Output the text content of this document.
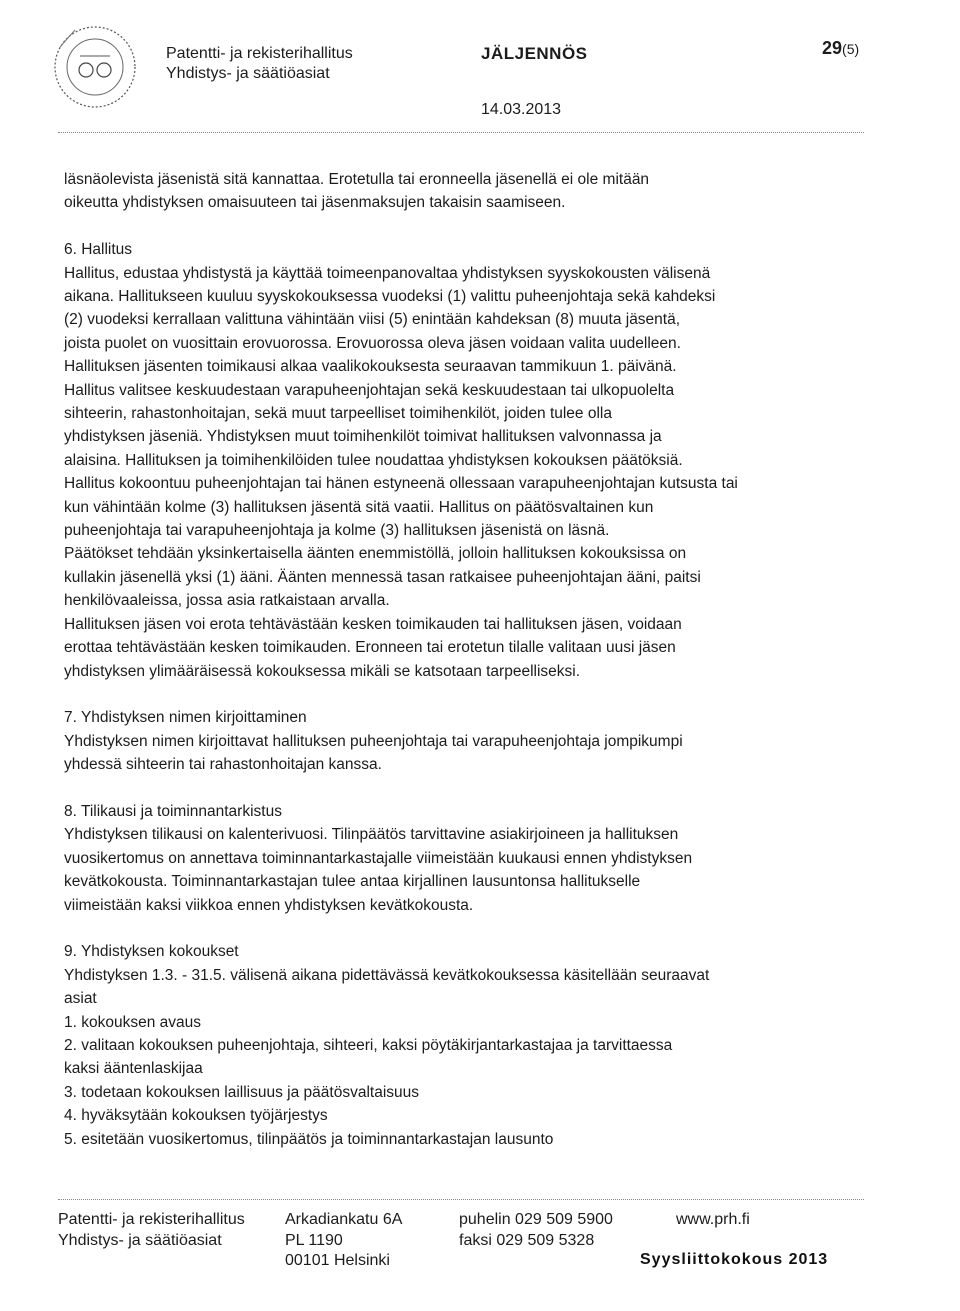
Patentti- ja rekisterihallitus
Yhdistys- ja säätiöasiat
JÄLJENNÖS	29(5)
14.03.2013

läsnäolevista jäsenistä sitä kannattaa. Erotetulla tai eronneella jäsenellä ei ole mitään

oikeutta yhdistyksen omaisuuteen tai jäsenmaksujen takaisin saamiseen.

6. Hallitus

Hallitus, edustaa yhdistystä ja käyttää toimeenpanovaltaa yhdistyksen syyskokousten välisenä

aikana. Hallitukseen kuuluu syyskokouksessa vuodeksi (1) valittu puheenjohtaja sekä kahdeksi

(2) vuodeksi kerrallaan valittuna vähintään viisi (5) enintään kahdeksan (8) muuta jäsentä,

joista puolet on vuosittain erovuorossa. Erovuorossa oleva jäsen voidaan valita uudelleen.

Hallituksen jäsenten toimikausi alkaa vaalikokouksesta seuraavan tammikuun 1. päivänä.

Hallitus valitsee keskuudestaan varapuheenjohtajan sekä keskuudestaan tai ulkopuolelta

sihteerin, rahastonhoitajan, sekä muut tarpeelliset toimihenkilöt, joiden tulee olla

yhdistyksen jäseniä. Yhdistyksen muut toimihenkilöt toimivat hallituksen valvonnassa ja

alaisina. Hallituksen ja toimihenkilöiden tulee noudattaa yhdistyksen kokouksen päätöksiä.

Hallitus kokoontuu puheenjohtajan tai hänen estyneenä ollessaan varapuheenjohtajan kutsusta tai

kun vähintään kolme (3) hallituksen jäsentä sitä vaatii. Hallitus on päätösvaltainen kun

puheenjohtaja tai varapuheenjohtaja ja kolme (3) hallituksen jäsenistä on läsnä.

Päätökset tehdään yksinkertaisella äänten enemmistöllä, jolloin hallituksen kokouksissa on

kullakin jäsenellä yksi (1) ääni. Äänten mennessä tasan ratkaisee puheenjohtajan ääni, paitsi

henkilövaaleissa, jossa asia ratkaistaan arvalla.

Hallituksen jäsen voi erota tehtävästään kesken toimikauden tai hallituksen jäsen, voidaan

erottaa tehtävästään kesken toimikauden. Eronneen tai erotetun tilalle valitaan uusi jäsen

yhdistyksen ylimääräisessä kokouksessa mikäli se katsotaan tarpeelliseksi.

7. Yhdistyksen nimen kirjoittaminen

Yhdistyksen nimen kirjoittavat hallituksen puheenjohtaja tai varapuheenjohtaja jompikumpi

yhdessä sihteerin tai rahastonhoitajan kanssa.

8. Tilikausi ja toiminnantarkistus

Yhdistyksen tilikausi on kalenterivuosi. Tilinpäätös tarvittavine asiakirjoineen ja hallituksen

vuosikertomus on annettava toiminnantarkastajalle viimeistään kuukausi ennen yhdistyksen

kevätkokousta. Toiminnantarkastajan tulee antaa kirjallinen lausuntonsa hallitukselle

viimeistään kaksi viikkoa ennen yhdistyksen kevätkokousta.

9. Yhdistyksen kokoukset

Yhdistyksen 1.3. - 31.5. välisenä aikana pidettävässä kevätkokouksessa käsitellään seuraavat

asiat

1. kokouksen avaus

2. valitaan kokouksen puheenjohtaja, sihteeri, kaksi pöytäkirjantarkastajaa ja tarvittaessa

kaksi ääntenlaskijaa

3. todetaan kokouksen laillisuus ja päätösvaltaisuus

4. hyväksytään kokouksen työjärjestys

5. esitetään vuosikertomus, tilinpäätös ja toiminnantarkastajan lausunto

Patentti- ja rekisterihallitus
Yhdistys- ja säätiöasiat
Arkadiankatu 6A
PL 1190
00101 Helsinki
puhelin 029 509 5900
faksi 029 509 5328
www.prh.fi
Syysliittokokous 2013
